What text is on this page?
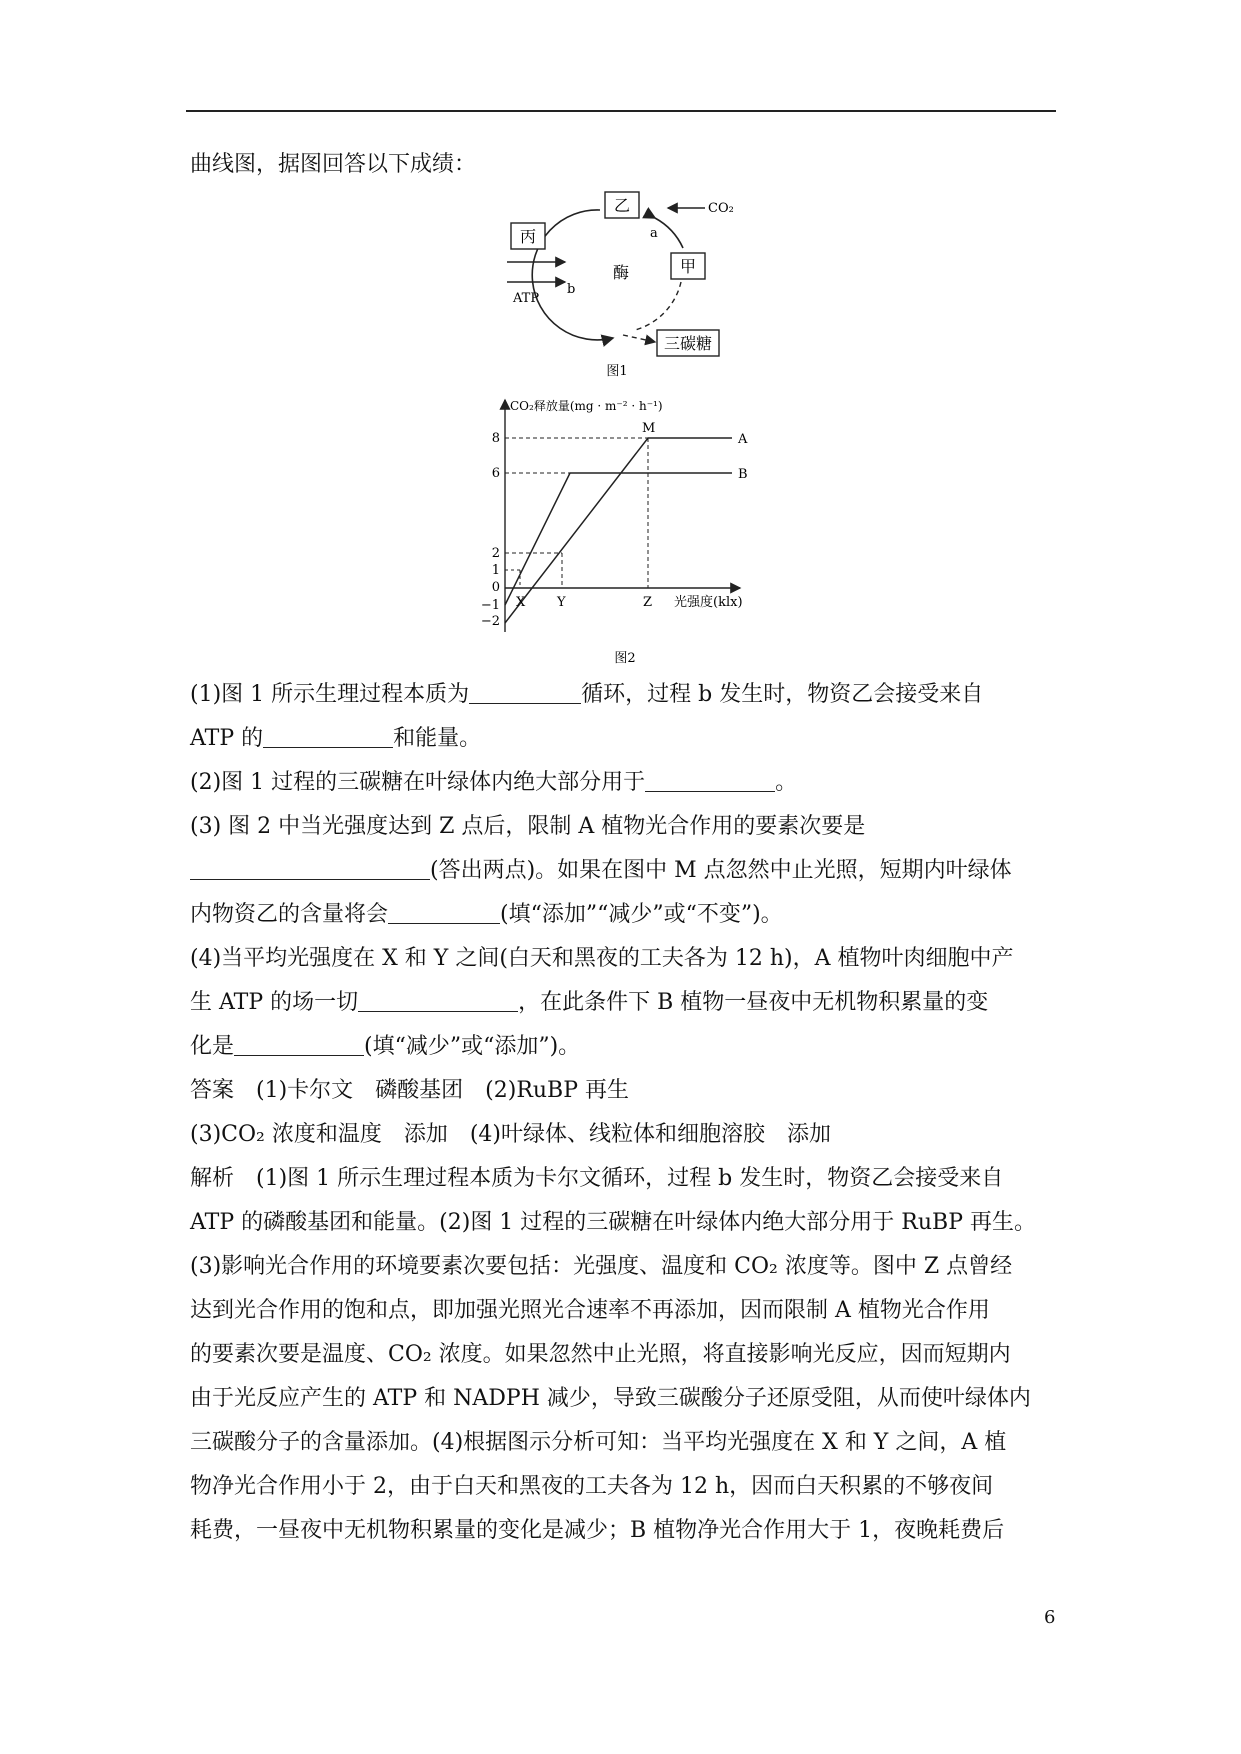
曲线图，据图回答以下成绩：
乙
丙
甲
三碳糖
CO₂
a
b
酶
ATP
图1
CO₂释放量(mg · m⁻² · h⁻¹)
光强度(klx)
8
6
2
1
0
−1
−2
M
A
B
X Y	Z
图2
(1)图 1 所示生理过程本质为	循环，过程 b 发生时，物资乙会接受来自
ATP 的	和能量。
(2)图 1 过程的三碳糖在叶绿体内绝大部分用于	。
(3) 图 2 中当光强度达到 Z 点后，限制 A 植物光合作用的要素次要是
(答出两点)。如果在图中 M 点忽然中止光照，短期内叶绿体
内物资乙的含量将会	(填“添加”“减少”或“不变”)。
(4)当平均光强度在 X 和 Y 之间(白天和黑夜的工夫各为 12 h)，A 植物叶肉细胞中产
生 ATP 的场一切	，在此条件下 B 植物一昼夜中无机物积累量的变
化是	(填“减少”或“添加”)。
答案　(1)卡尔文　磷酸基团　(2)RuBP 再生
(3)CO₂ 浓度和温度　添加　(4)叶绿体、线粒体和细胞溶胶　添加
解析　(1)图 1 所示生理过程本质为卡尔文循环，过程 b 发生时，物资乙会接受来自
ATP 的磷酸基团和能量。(2)图 1 过程的三碳糖在叶绿体内绝大部分用于 RuBP 再生。
(3)影响光合作用的环境要素次要包括：光强度、温度和 CO₂ 浓度等。图中 Z 点曾经
达到光合作用的饱和点，即加强光照光合速率不再添加，因而限制 A 植物光合作用
的要素次要是温度、CO₂ 浓度。如果忽然中止光照，将直接影响光反应，因而短期内
由于光反应产生的 ATP 和 NADPH 减少，导致三碳酸分子还原受阻，从而使叶绿体内
三碳酸分子的含量添加。(4)根据图示分析可知：当平均光强度在 X 和 Y 之间，A 植
物净光合作用小于 2，由于白天和黑夜的工夫各为 12 h，因而白天积累的不够夜间
耗费，一昼夜中无机物积累量的变化是减少；B 植物净光合作用大于 1，夜晚耗费后
6
